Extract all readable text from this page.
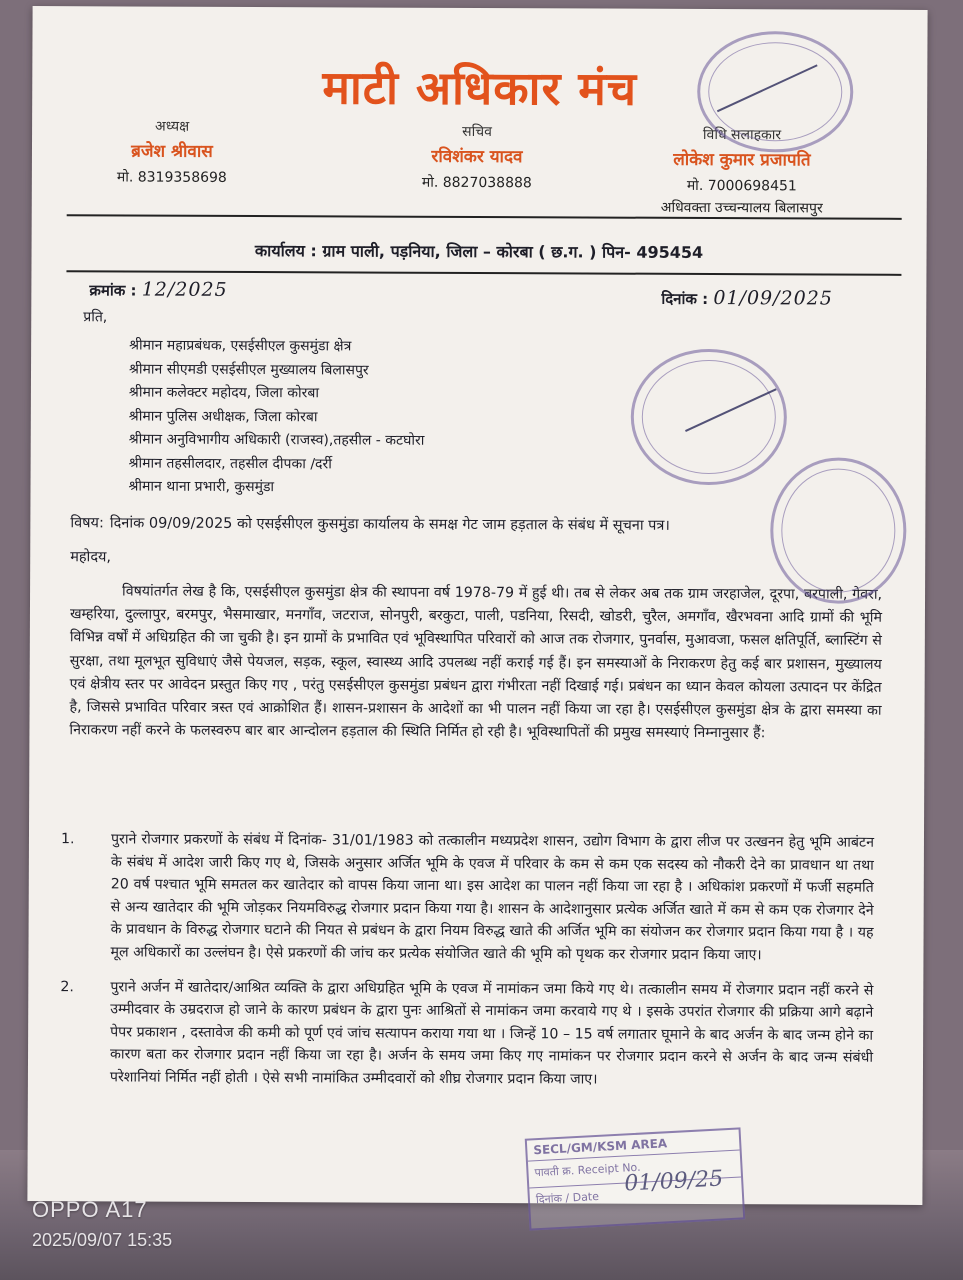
माटी अधिकार मंच
अध्यक्ष
ब्रजेश श्रीवास
मो. 8319358698
सचिव
रविशंकर यादव
मो. 8827038888
विधि सलाहकार
लोकेश कुमार प्रजापति
मो. 7000698451
अधिवक्ता उच्चन्यालय बिलासपुर
कार्यालय : ग्राम पाली, पड़निया, जिला – कोरबा ( छ.ग. ) पिन- 495454
क्रमांक : 12/2025	दिनांक : 01/09/2025
प्रति,
श्रीमान महाप्रबंधक, एसईसीएल कुसमुंडा क्षेत्र
श्रीमान सीएमडी एसईसीएल मुख्यालय बिलासपुर
श्रीमान कलेक्टर महोदय, जिला कोरबा
श्रीमान पुलिस अधीक्षक, जिला कोरबा
श्रीमान अनुविभागीय अधिकारी (राजस्व),तहसील - कटघोरा
श्रीमान तहसीलदार, तहसील दीपका /दर्री
श्रीमान थाना प्रभारी, कुसमुंडा
विषय: दिनांक 09/09/2025 को एसईसीएल कुसमुंडा कार्यालय के समक्ष गेट जाम हड़ताल के संबंध में सूचना पत्र।
महोदय,
विषयांतर्गत लेख है कि, एसईसीएल कुसमुंडा क्षेत्र की स्थापना वर्ष 1978-79 में हुई थी। तब से लेकर अब तक ग्राम जरहाजेल, दूरपा, बरपाली, गेवरा, खम्हरिया, दुल्लापुर, बरमपुर, भैसमाखार, मनगाँव, जटराज, सोनपुरी, बरकुटा, पाली, पडनिया, रिसदी, खोडरी, चुरैल, अमगाँव, खैरभवना आदि ग्रामों की भूमि विभिन्न वर्षों में अधिग्रहित की जा चुकी है। इन ग्रामों के प्रभावित एवं भूविस्थापित परिवारों को आज तक रोजगार, पुनर्वास, मुआवजा, फसल क्षतिपूर्ति, ब्लास्टिंग से सुरक्षा, तथा मूलभूत सुविधाएं जैसे पेयजल, सड़क, स्कूल, स्वास्थ्य आदि उपलब्ध नहीं कराई गई हैं। इन समस्याओं के निराकरण हेतु कई बार प्रशासन, मुख्यालय एवं क्षेत्रीय स्तर पर आवेदन प्रस्तुत किए गए , परंतु एसईसीएल कुसमुंडा प्रबंधन द्वारा गंभीरता नहीं दिखाई गई। प्रबंधन का ध्यान केवल कोयला उत्पादन पर केंद्रित है, जिससे प्रभावित परिवार त्रस्त एवं आक्रोशित हैं। शासन-प्रशासन के आदेशों का भी पालन नहीं किया जा रहा है। एसईसीएल कुसमुंडा क्षेत्र के द्वारा समस्या का निराकरण नहीं करने के फलस्वरुप बार बार आन्दोलन हड़ताल की स्थिति निर्मित हो रही है। भूविस्थापितों की प्रमुख समस्याएं निम्नानुसार हैं:
1.	पुराने रोजगार प्रकरणों के संबंध में दिनांक- 31/01/1983 को तत्कालीन मध्यप्रदेश शासन, उद्योग विभाग के द्वारा लीज पर उत्खनन हेतु भूमि आबंटन के संबंध में आदेश जारी किए गए थे, जिसके अनुसार अर्जित भूमि के एवज में परिवार के कम से कम एक सदस्य को नौकरी देने का प्रावधान था तथा 20 वर्ष पश्चात भूमि समतल कर खातेदार को वापस किया जाना था। इस आदेश का पालन नहीं किया जा रहा है । अधिकांश प्रकरणों में फर्जी सहमति से अन्य खातेदार की भूमि जोड़कर नियमविरुद्ध रोजगार प्रदान किया गया है। शासन के आदेशानुसार प्रत्येक अर्जित खाते में कम से कम एक रोजगार देने के प्रावधान के विरुद्ध रोजगार घटाने की नियत से प्रबंधन के द्वारा नियम विरुद्ध खाते की अर्जित भूमि का संयोजन कर रोजगार प्रदान किया गया है । यह मूल अधिकारों का उल्लंघन है। ऐसे प्रकरणों की जांच कर प्रत्येक संयोजित खाते की भूमि को पृथक कर रोजगार प्रदान किया जाए।
2.	पुराने अर्जन में खातेदार/आश्रित व्यक्ति के द्वारा अधिग्रहित भूमि के एवज में नामांकन जमा किये गए थे। तत्कालीन समय में रोजगार प्रदान नहीं करने से उम्मीदवार के उम्रदराज हो जाने के कारण प्रबंधन के द्वारा पुनः आश्रितों से नामांकन जमा करवाये गए थे । इसके उपरांत रोजगार की प्रक्रिया आगे बढ़ाने पेपर प्रकाशन , दस्तावेज की कमी को पूर्ण एवं जांच सत्यापन कराया गया था । जिन्हें 10 – 15 वर्ष लगातार घूमाने के बाद अर्जन के बाद जन्म होने का कारण बता कर रोजगार प्रदान नहीं किया जा रहा है। अर्जन के समय जमा किए गए नामांकन पर रोजगार प्रदान करने से अर्जन के बाद जन्म संबंधी परेशानियां निर्मित नहीं होती । ऐसे सभी नामांकित उम्मीदवारों को शीघ्र रोजगार प्रदान किया जाए।
SECL/GM/KSM AREA
पावती क्र. Receipt No.
दिनांक / Date
01/09/25
OPPO A17
2025/09/07 15:35
